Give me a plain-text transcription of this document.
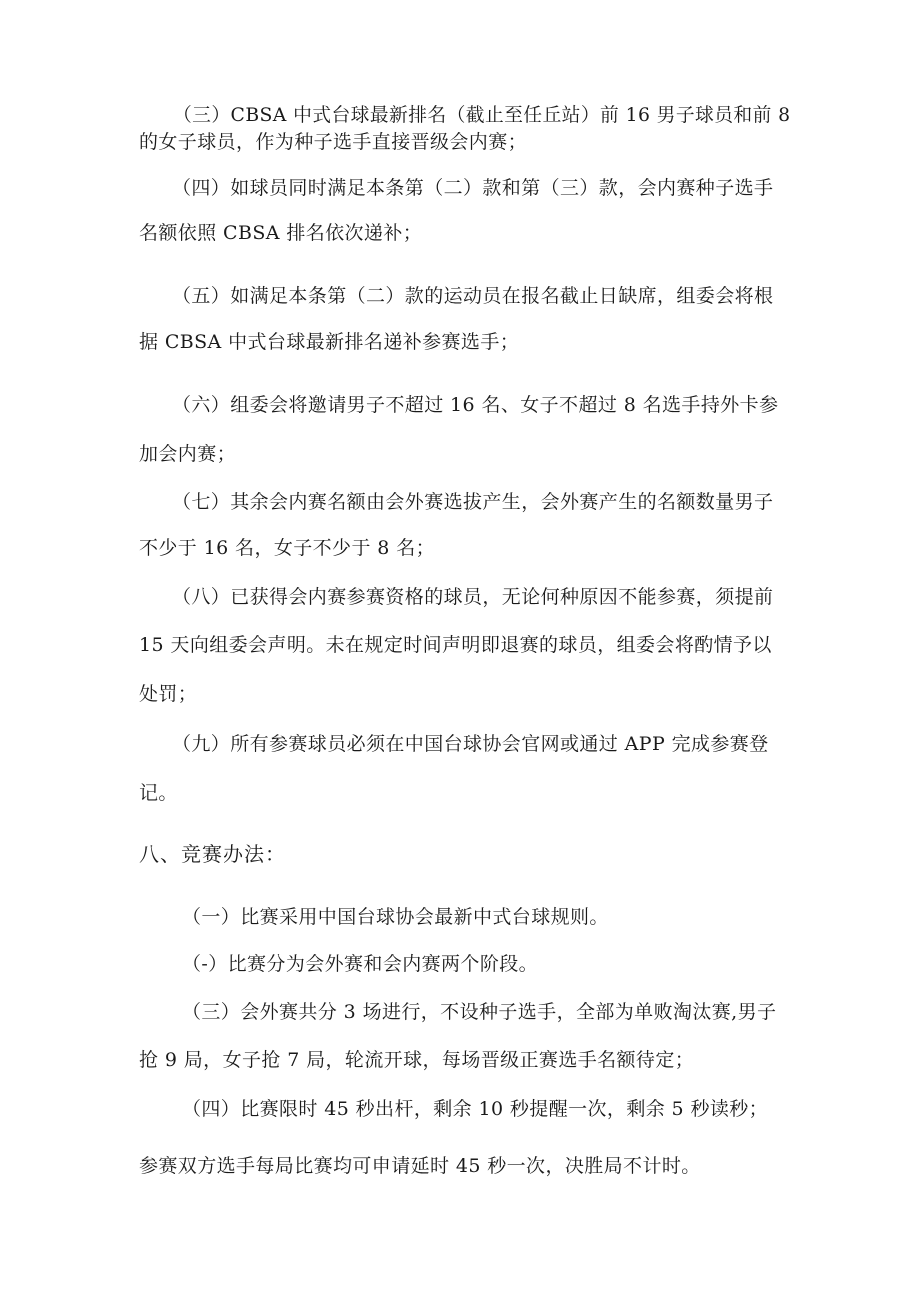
（三）CBSA 中式台球最新排名（截止至任丘站）前 16 男子球员和前 8
的女子球员，作为种子选手直接晋级会内赛；
（四）如球员同时满足本条第（二）款和第（三）款，会内赛种子选手
名额依照 CBSA 排名依次递补；
（五）如满足本条第（二）款的运动员在报名截止日缺席，组委会将根
据 CBSA 中式台球最新排名递补参赛选手；
（六）组委会将邀请男子不超过 16 名、女子不超过 8 名选手持外卡参
加会内赛；
（七）其余会内赛名额由会外赛选拔产生，会外赛产生的名额数量男子
不少于 16 名，女子不少于 8 名；
（八）已获得会内赛参赛资格的球员，无论何种原因不能参赛，须提前
15 天向组委会声明。未在规定时间声明即退赛的球员，组委会将酌情予以
处罚；
（九）所有参赛球员必须在中国台球协会官网或通过 APP 完成参赛登
记。
八、竞赛办法：
（一）比赛采用中国台球协会最新中式台球规则。
（-）比赛分为会外赛和会内赛两个阶段。
（三）会外赛共分 3 场进行，不设种子选手，全部为单败淘汰赛,男子
抢 9 局，女子抢 7 局，轮流开球，每场晋级正赛选手名额待定；
（四）比赛限时 45 秒出杆，剩余 10 秒提醒一次，剩余 5 秒读秒；
参赛双方选手每局比赛均可申请延时 45 秒一次，决胜局不计时。
